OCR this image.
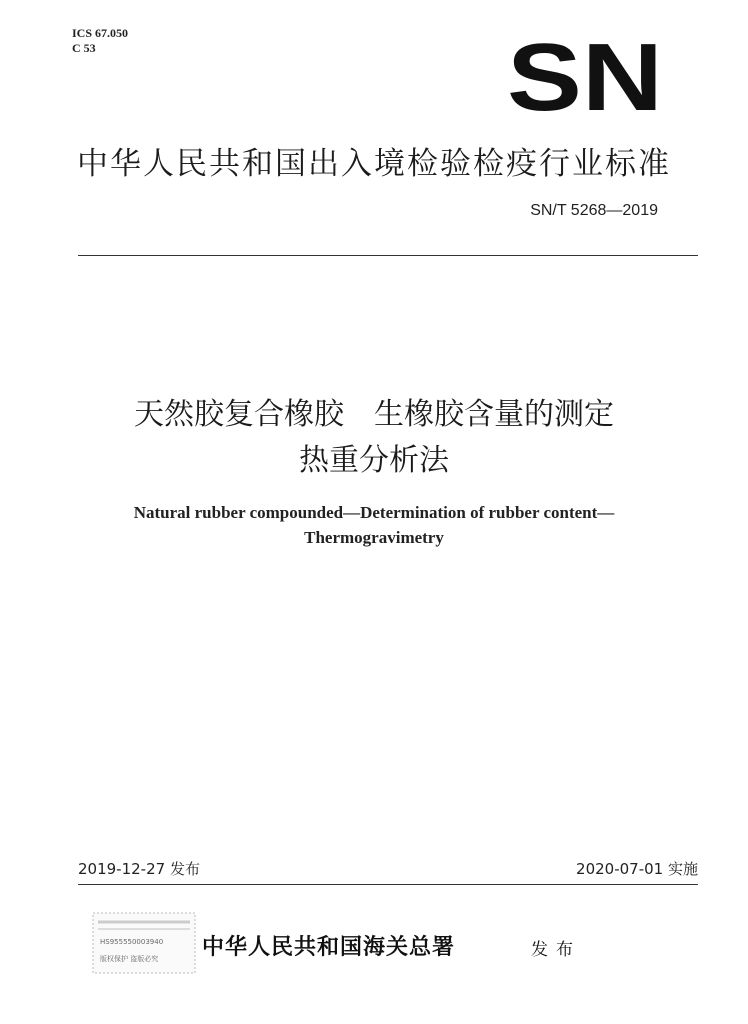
ICS 67.050
C 53	SN
中华人民共和国出入境检验检疫行业标准
SN/T 5268—2019
天然胶复合橡胶　生橡胶含量的测定
热重分析法
Natural rubber compounded—Determination of rubber content—
Thermogravimetry
2019-12-27 发布	2020-07-01 实施
HS955550003940
版权保护 盗版必究 中华人民共和国海关总署	发布
